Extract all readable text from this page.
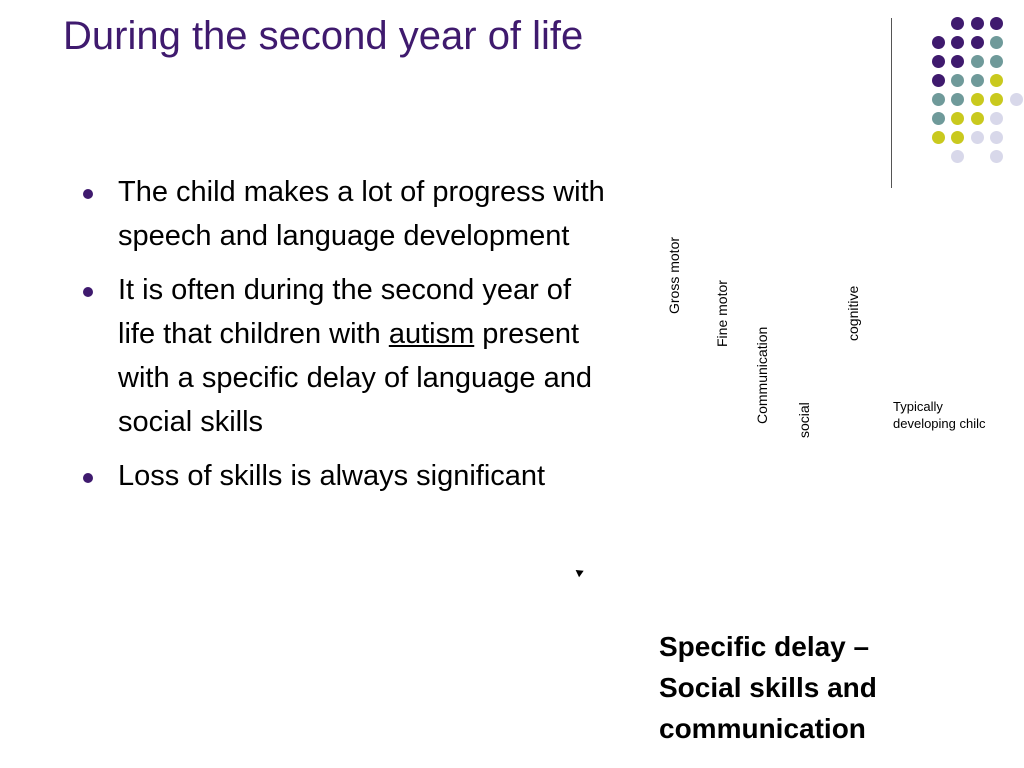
During the second year of life
The child makes a lot of progress with speech and language development
It is often during the second year of life that children with autism present with a specific delay of language and social skills
Loss of skills is always significant
Gross motor Fine motor
Communication social
cognitive
Typically
developing chilc
Specific delay –
Social skills and
communication
